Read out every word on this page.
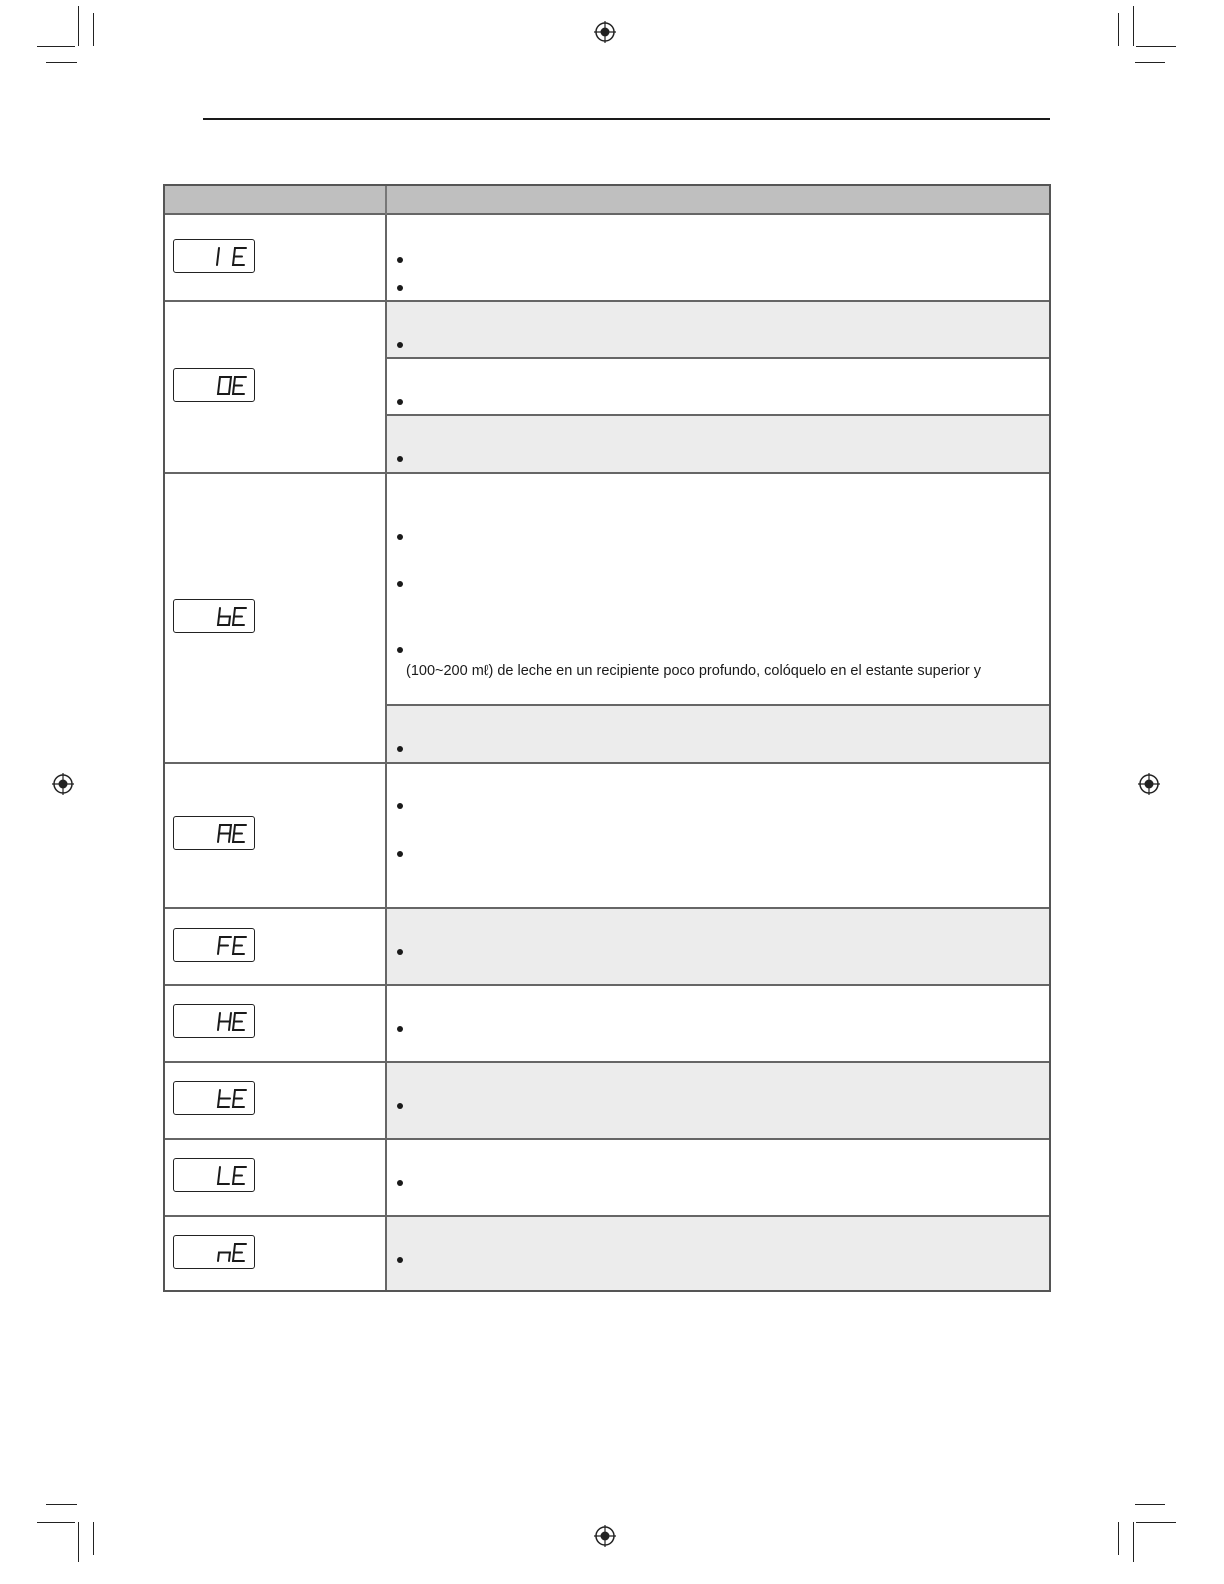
(100~200 mℓ) de leche en un recipiente poco profundo, colóquelo en el estante superior y
